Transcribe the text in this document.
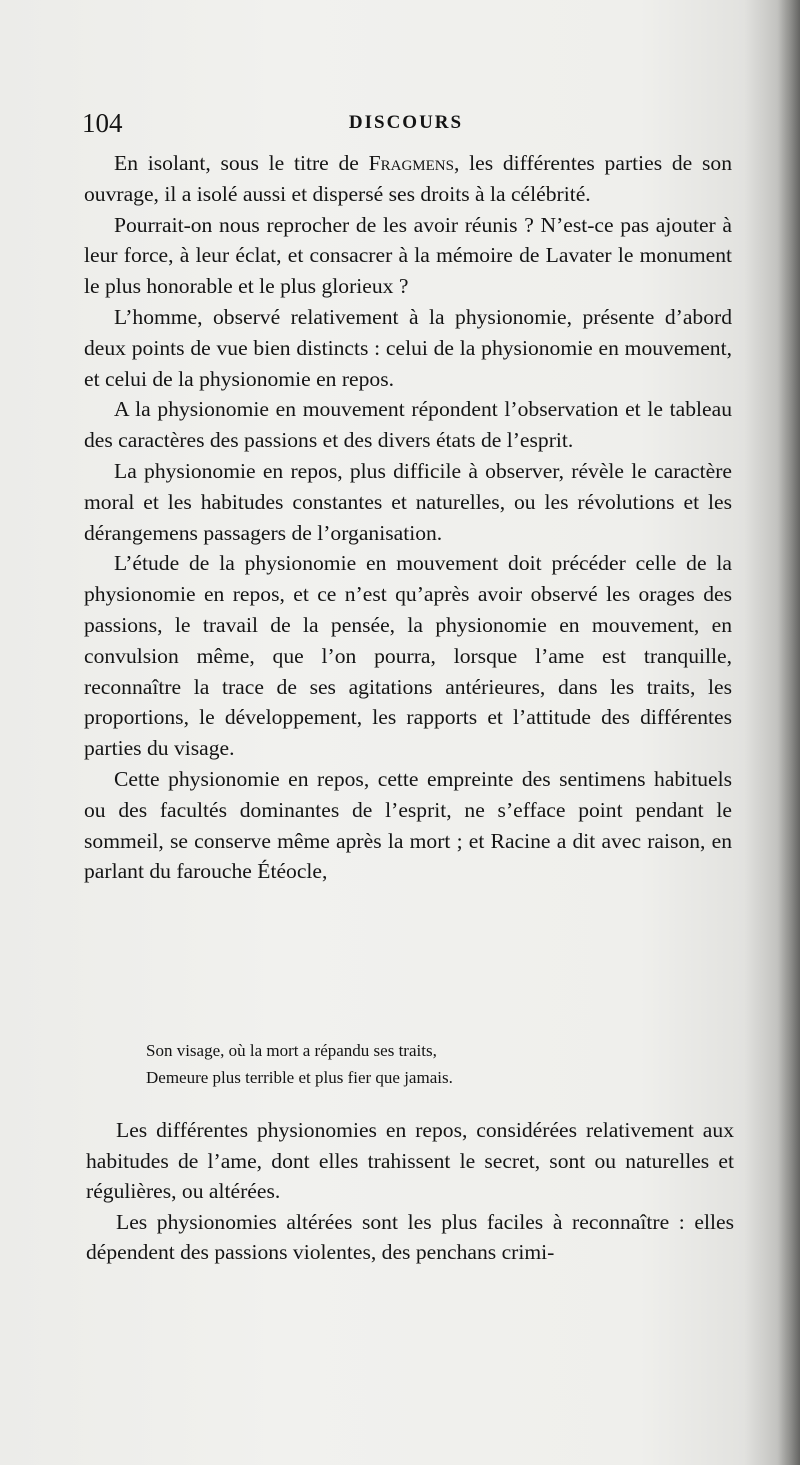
104	DISCOURS

En isolant, sous le titre de Fragmens, les différentes parties de son ouvrage, il a isolé aussi et dispersé ses droits à la célébrité.

Pourrait-on nous reprocher de les avoir réunis ? N’est-ce pas ajouter à leur force, à leur éclat, et consacrer à la mémoire de Lavater le monument le plus honorable et le plus glorieux ?

L’homme, observé relativement à la physionomie, présente d’abord deux points de vue bien distincts : celui de la physionomie en mouvement, et celui de la physionomie en repos.

A la physionomie en mouvement répondent l’observation et le tableau des caractères des passions et des divers états de l’esprit.

La physionomie en repos, plus difficile à observer, révèle le caractère moral et les habitudes constantes et naturelles, ou les révolutions et les dérangemens passagers de l’organisation.

L’étude de la physionomie en mouvement doit précéder celle de la physionomie en repos, et ce n’est qu’après avoir observé les orages des passions, le travail de la pensée, la physionomie en mouvement, en convulsion même, que l’on pourra, lorsque l’ame est tranquille, reconnaître la trace de ses agitations antérieures, dans les traits, les proportions, le développement, les rapports et l’attitude des différentes parties du visage.

Cette physionomie en repos, cette empreinte des sentimens habituels ou des facultés dominantes de l’esprit, ne s’efface point pendant le sommeil, se conserve même après la mort ; et Racine a dit avec raison, en parlant du farouche Étéocle,

Son visage, où la mort a répandu ses traits,
Demeure plus terrible et plus fier que jamais.

Les différentes physionomies en repos, considérées relativement aux habitudes de l’ame, dont elles trahissent le secret, sont ou naturelles et régulières, ou altérées.

Les physionomies altérées sont les plus faciles à reconnaître : elles dépendent des passions violentes, des penchans crimi-
